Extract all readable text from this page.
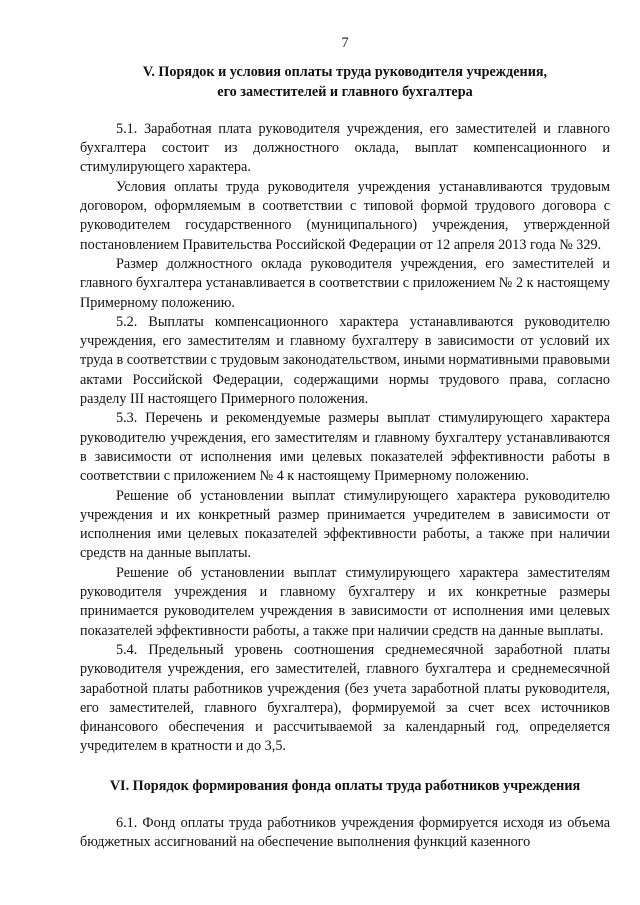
7
V. Порядок и условия оплаты труда руководителя учреждения,
его заместителей и главного бухгалтера

5.1. Заработная плата руководителя учреждения, его заместителей и главного бухгалтера состоит из должностного оклада, выплат компенсационного и стимулирующего характера.

Условия оплаты труда руководителя учреждения устанавливаются трудовым договором, оформляемым в соответствии с типовой формой трудового договора с руководителем государственного (муниципального) учреждения, утвержденной постановлением Правительства Российской Федерации от 12 апреля 2013 года № 329.

Размер должностного оклада руководителя учреждения, его заместителей и главного бухгалтера устанавливается в соответствии с приложением № 2 к настоящему Примерному положению.

5.2. Выплаты компенсационного характера устанавливаются руководителю учреждения, его заместителям и главному бухгалтеру в зависимости от условий их труда в соответствии с трудовым законодательством, иными нормативными правовыми актами Российской Федерации, содержащими нормы трудового права, согласно разделу III настоящего Примерного положения.

5.3. Перечень и рекомендуемые размеры выплат стимулирующего характера руководителю учреждения, его заместителям и главному бухгалтеру устанавливаются в зависимости от исполнения ими целевых показателей эффективности работы в соответствии с приложением № 4 к настоящему Примерному положению.

Решение об установлении выплат стимулирующего характера руководителю учреждения и их конкретный размер принимается учредителем в зависимости от исполнения ими целевых показателей эффективности работы, а также при наличии средств на данные выплаты.

Решение об установлении выплат стимулирующего характера заместителям руководителя учреждения и главному бухгалтеру и их конкретные размеры принимается руководителем учреждения в зависимости от исполнения ими целевых показателей эффективности работы, а также при наличии средств на данные выплаты.

5.4. Предельный уровень соотношения среднемесячной заработной платы руководителя учреждения, его заместителей, главного бухгалтера и среднемесячной заработной платы работников учреждения (без учета заработной платы руководителя, его заместителей, главного бухгалтера), формируемой за счет всех источников финансового обеспечения и рассчитываемой за календарный год, определяется учредителем в кратности и до 3,5.

VI. Порядок формирования фонда оплаты труда работников учреждения

6.1. Фонд оплаты труда работников учреждения формируется исходя из объема бюджетных ассигнований на обеспечение выполнения функций казенного
